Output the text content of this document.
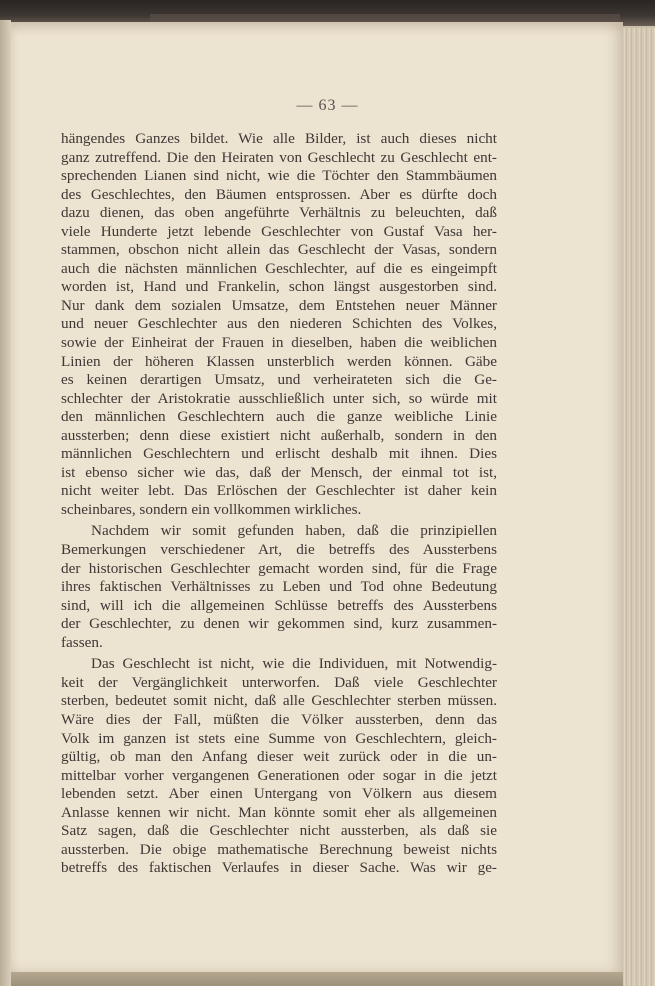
— 63 —
hängendes Ganzes bildet. Wie alle Bilder, ist auch dieses nicht
ganz zutreffend. Die den Heiraten von Geschlecht zu Geschlecht ent-
sprechenden Lianen sind nicht, wie die Töchter den Stammbäumen
des Geschlechtes, den Bäumen entsprossen. Aber es dürfte doch
dazu dienen, das oben angeführte Verhältnis zu beleuchten, daß
viele Hunderte jetzt lebende Geschlechter von Gustaf Vasa her-
stammen, obschon nicht allein das Geschlecht der Vasas, sondern
auch die nächsten männlichen Geschlechter, auf die es eingeimpft
worden ist, Hand und Frankelin, schon längst ausgestorben sind.
Nur dank dem sozialen Umsatze, dem Entstehen neuer Männer
und neuer Geschlechter aus den niederen Schichten des Volkes,
sowie der Einheirat der Frauen in dieselben, haben die weiblichen
Linien der höheren Klassen unsterblich werden können. Gäbe
es keinen derartigen Umsatz, und verheirateten sich die Ge-
schlechter der Aristokratie ausschließlich unter sich, so würde mit
den männlichen Geschlechtern auch die ganze weibliche Linie
aussterben; denn diese existiert nicht außerhalb, sondern in den
männlichen Geschlechtern und erlischt deshalb mit ihnen. Dies
ist ebenso sicher wie das, daß der Mensch, der einmal tot ist,
nicht weiter lebt. Das Erlöschen der Geschlechter ist daher kein
scheinbares, sondern ein vollkommen wirkliches.
Nachdem wir somit gefunden haben, daß die prinzipiellen
Bemerkungen verschiedener Art, die betreffs des Aussterbens
der historischen Geschlechter gemacht worden sind, für die Frage
ihres faktischen Verhältnisses zu Leben und Tod ohne Bedeutung
sind, will ich die allgemeinen Schlüsse betreffs des Aussterbens
der Geschlechter, zu denen wir gekommen sind, kurz zusammen-
fassen.
Das Geschlecht ist nicht, wie die Individuen, mit Notwendig-
keit der Vergänglichkeit unterworfen. Daß viele Geschlechter
sterben, bedeutet somit nicht, daß alle Geschlechter sterben müssen.
Wäre dies der Fall, müßten die Völker aussterben, denn das
Volk im ganzen ist stets eine Summe von Geschlechtern, gleich-
gültig, ob man den Anfang dieser weit zurück oder in die un-
mittelbar vorher vergangenen Generationen oder sogar in die jetzt
lebenden setzt. Aber einen Untergang von Völkern aus diesem
Anlasse kennen wir nicht. Man könnte somit eher als allgemeinen
Satz sagen, daß die Geschlechter nicht aussterben, als daß sie
aussterben. Die obige mathematische Berechnung beweist nichts
betreffs des faktischen Verlaufes in dieser Sache. Was wir ge-
